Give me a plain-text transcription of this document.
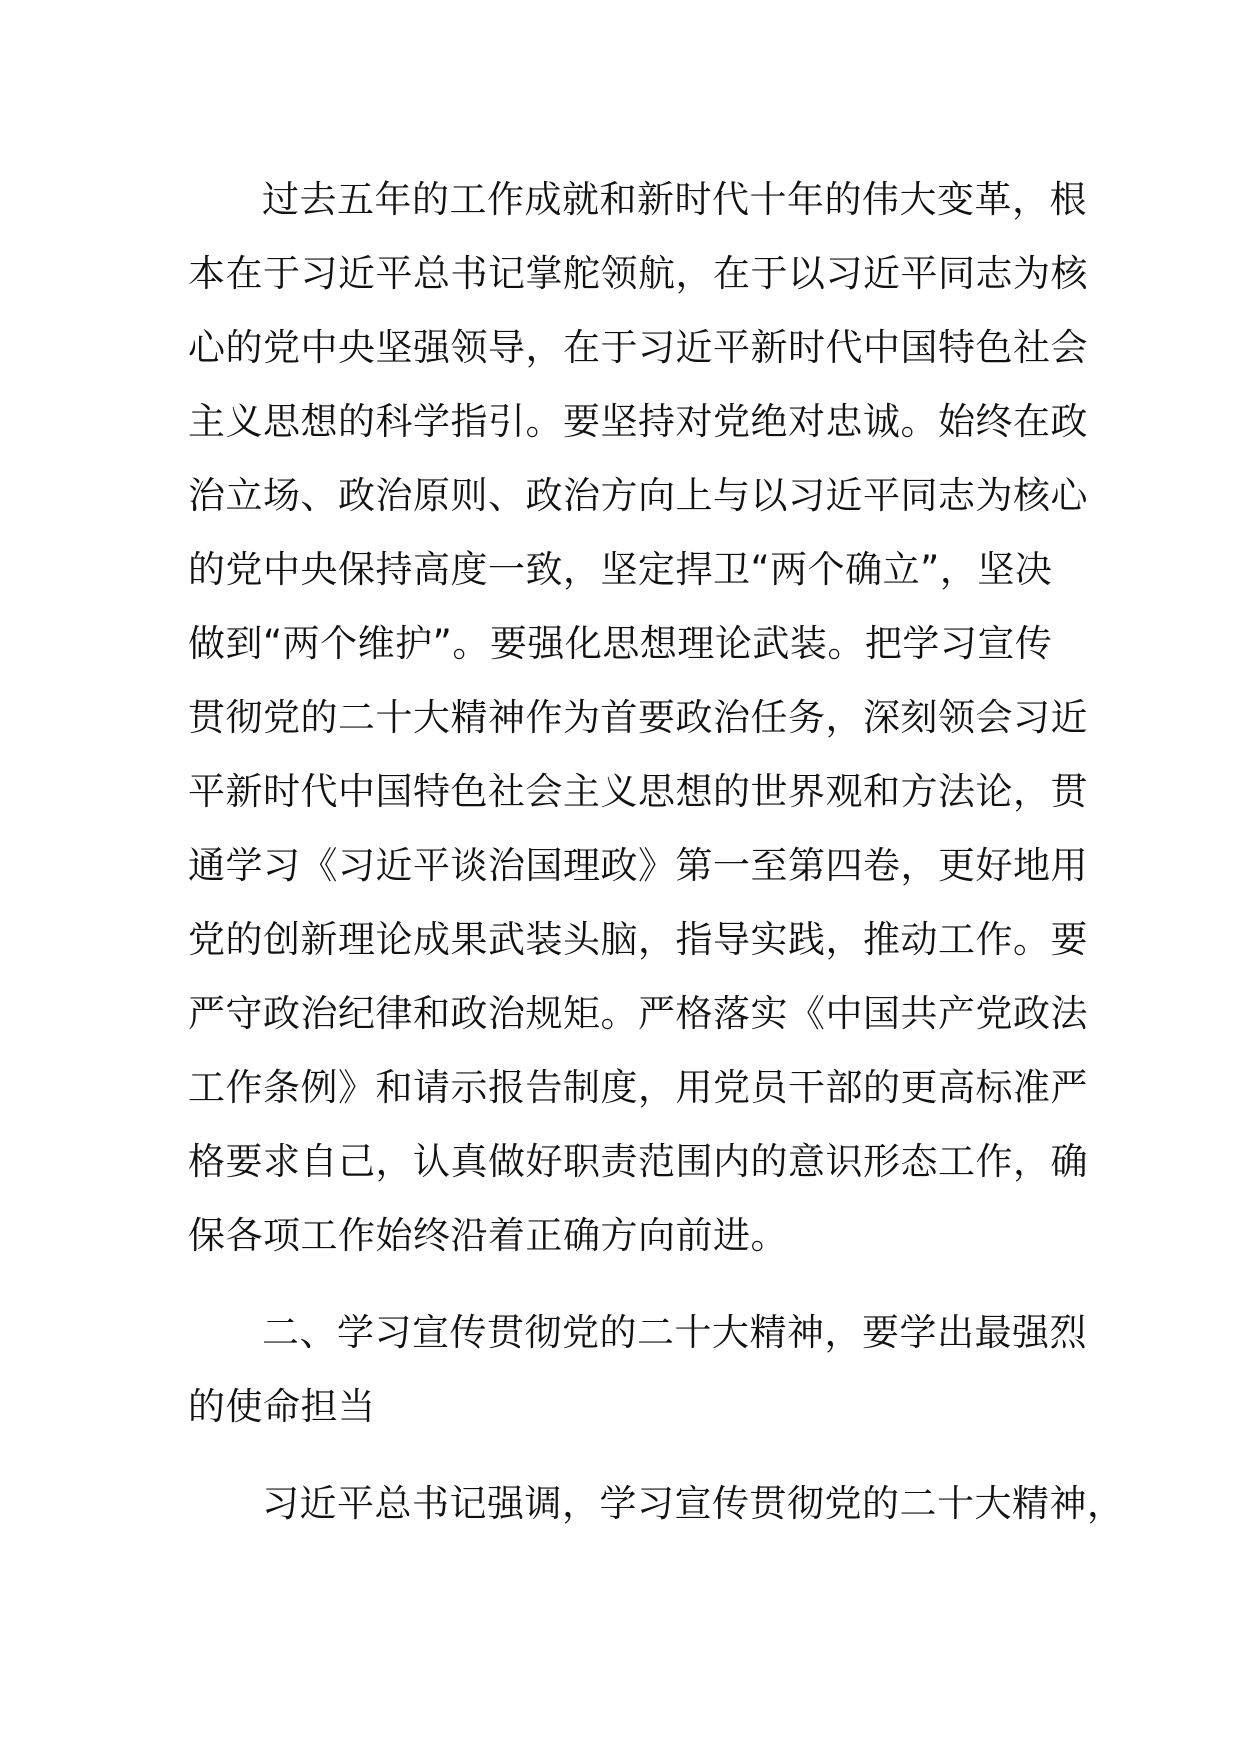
过去五年的工作成就和新时代十年的伟大变革，根
本在于习近平总书记掌舵领航，在于以习近平同志为核
心的党中央坚强领导，在于习近平新时代中国特色社会
主义思想的科学指引。要坚持对党绝对忠诚。始终在政
治立场、政治原则、政治方向上与以习近平同志为核心
的党中央保持高度一致，坚定捍卫“两个确立”，坚决
做到“两个维护”。要强化思想理论武装。把学习宣传
贯彻党的二十大精神作为首要政治任务，深刻领会习近
平新时代中国特色社会主义思想的世界观和方法论，贯
通学习《习近平谈治国理政》第一至第四卷，更好地用
党的创新理论成果武装头脑，指导实践，推动工作。要
严守政治纪律和政治规矩。严格落实《中国共产党政法
工作条例》和请示报告制度，用党员干部的更高标准严
格要求自己，认真做好职责范围内的意识形态工作，确
保各项工作始终沿着正确方向前进。
二、学习宣传贯彻党的二十大精神，要学出最强烈
的使命担当
习近平总书记强调，学习宣传贯彻党的二十大精神，
